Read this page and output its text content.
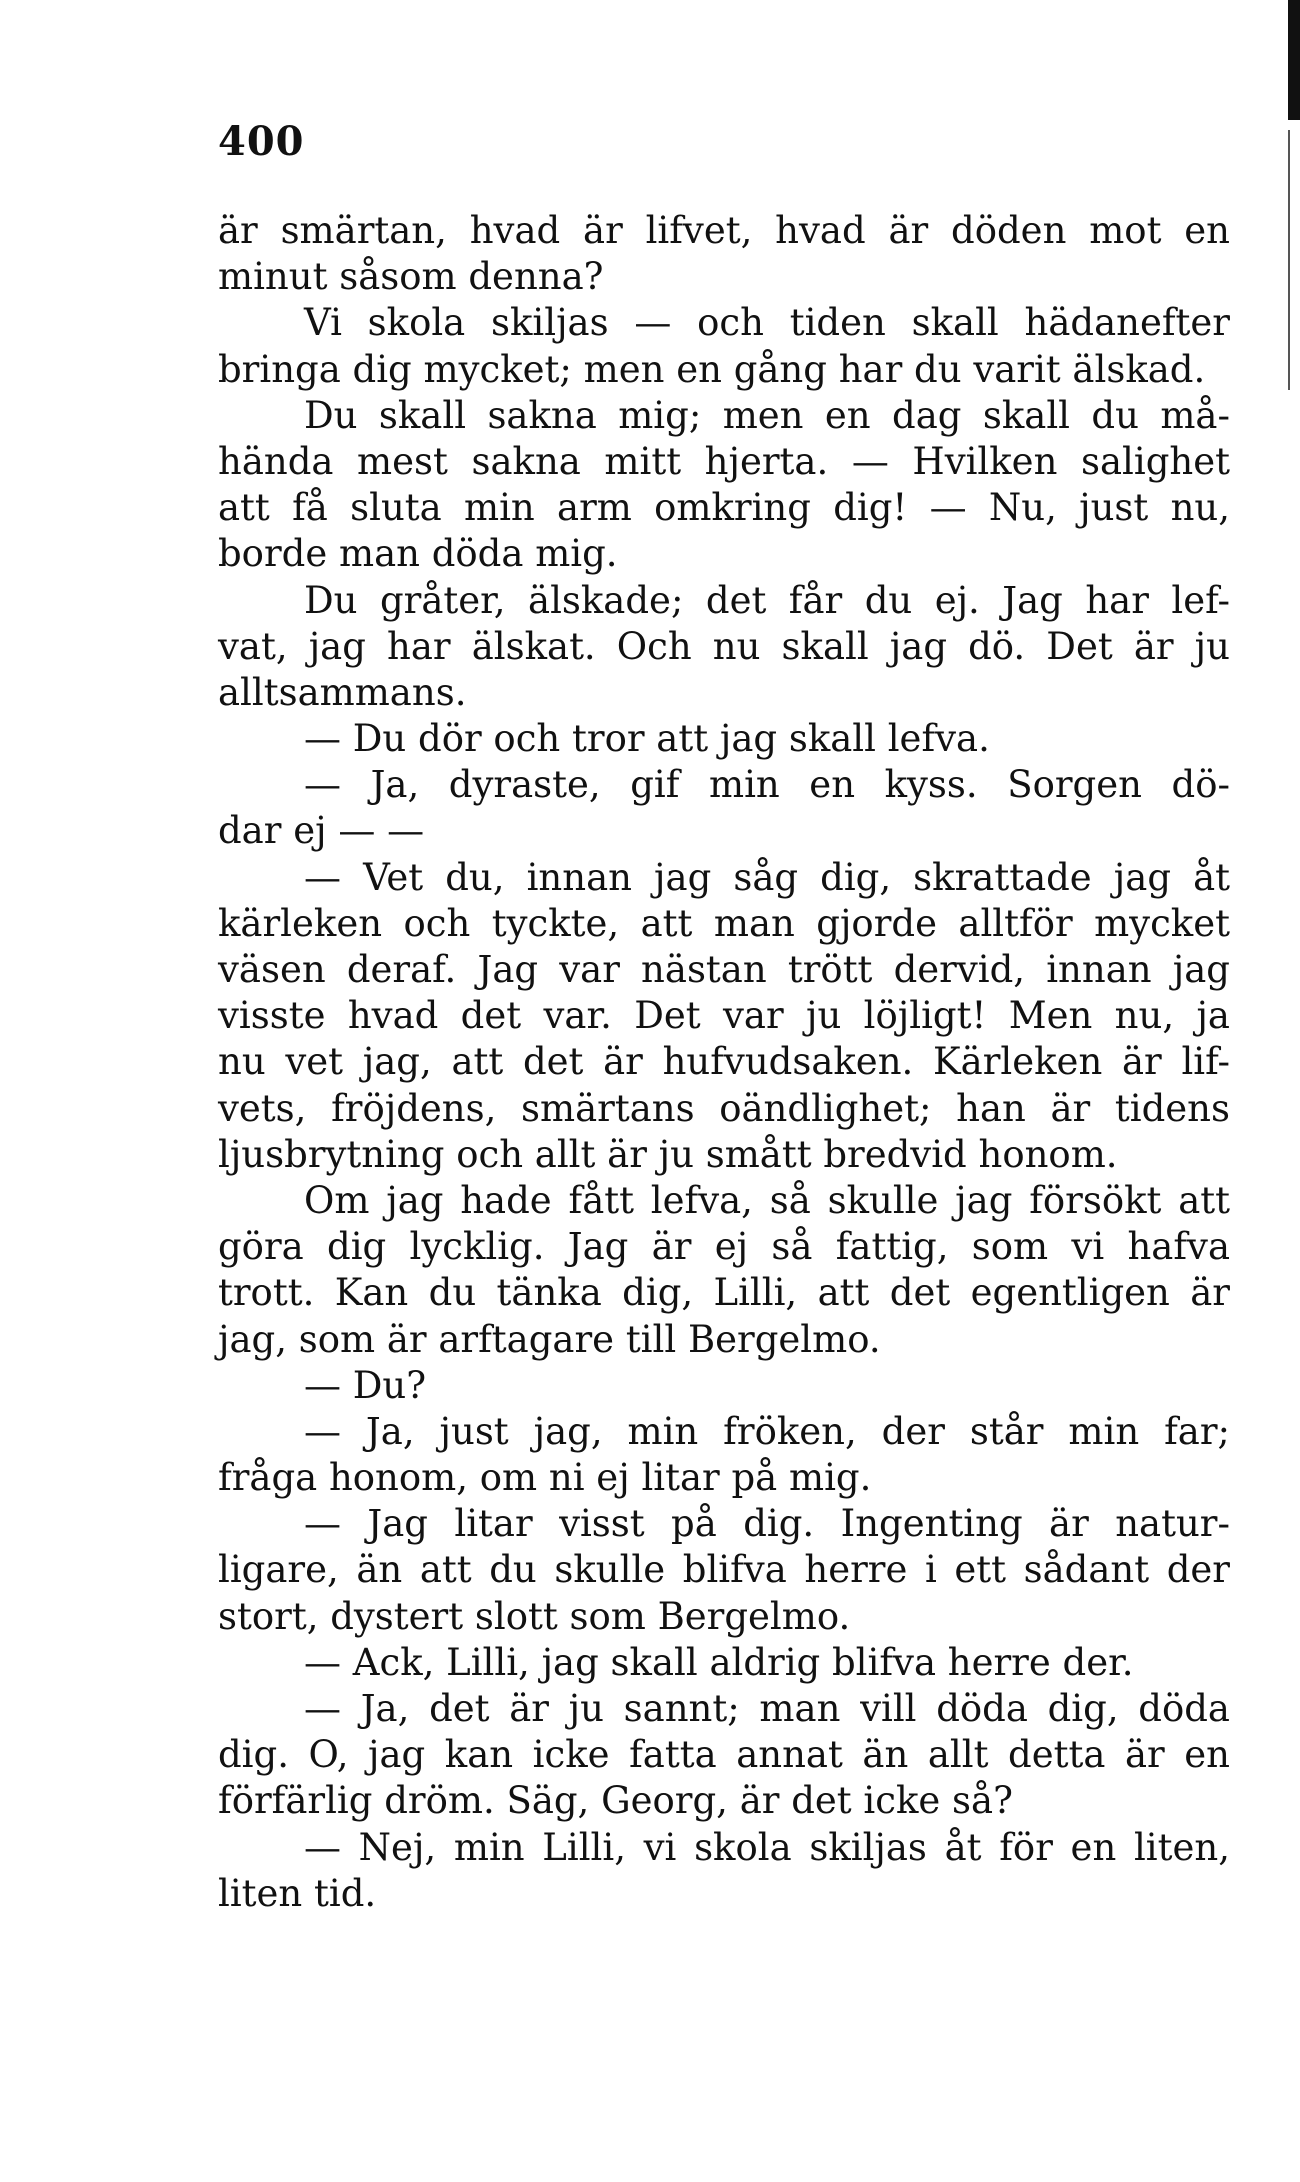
400
är smärtan, hvad är lifvet, hvad är döden mot en
minut såsom denna?
Vi skola skiljas — och tiden skall hädanefter
bringa dig mycket; men en gång har du varit älskad.
Du skall sakna mig; men en dag skall du må-
hända mest sakna mitt hjerta. — Hvilken salighet
att få sluta min arm omkring dig! — Nu, just nu,
borde man döda mig.
Du gråter, älskade; det får du ej. Jag har lef-
vat, jag har älskat. Och nu skall jag dö. Det är ju
alltsammans.
— Du dör och tror att jag skall lefva.
— Ja, dyraste, gif min en kyss. Sorgen dö-
dar ej — —
— Vet du, innan jag såg dig, skrattade jag åt
kärleken och tyckte, att man gjorde alltför mycket
väsen deraf. Jag var nästan trött dervid, innan jag
visste hvad det var. Det var ju löjligt! Men nu, ja
nu vet jag, att det är hufvudsaken. Kärleken är lif-
vets, fröjdens, smärtans oändlighet; han är tidens
ljusbrytning och allt är ju smått bredvid honom.
Om jag hade fått lefva, så skulle jag försökt att
göra dig lycklig. Jag är ej så fattig, som vi hafva
trott. Kan du tänka dig, Lilli, att det egentligen är
jag, som är arftagare till Bergelmo.
— Du?
— Ja, just jag, min fröken, der står min far;
fråga honom, om ni ej litar på mig.
— Jag litar visst på dig. Ingenting är natur-
ligare, än att du skulle blifva herre i ett sådant der
stort, dystert slott som Bergelmo.
— Ack, Lilli, jag skall aldrig blifva herre der.
— Ja, det är ju sannt; man vill döda dig, döda
dig. O, jag kan icke fatta annat än allt detta är en
förfärlig dröm. Säg, Georg, är det icke så?
— Nej, min Lilli, vi skola skiljas åt för en liten,
liten tid.
